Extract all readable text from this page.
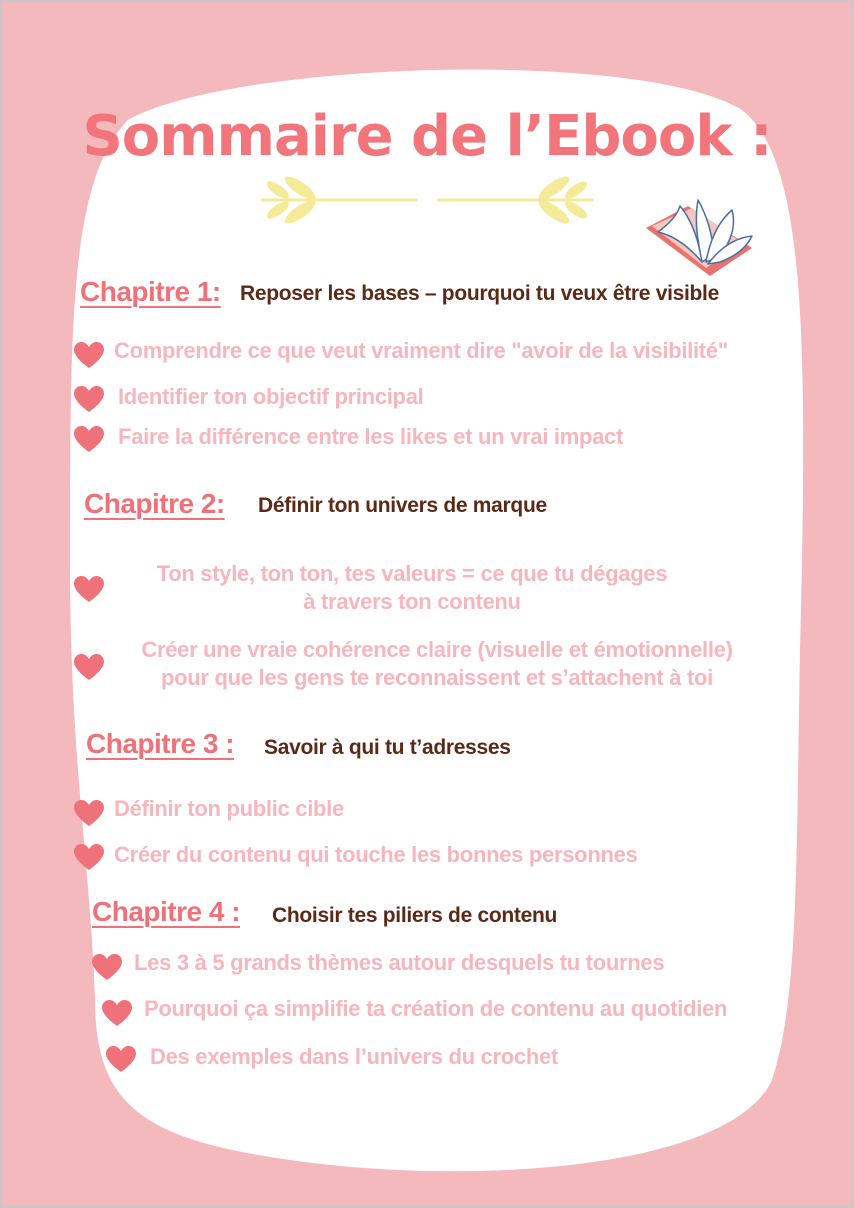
Sommaire de l’Ebook :
Chapitre 1: Reposer les bases – pourquoi tu veux être visible
Comprendre ce que veut vraiment dire "avoir de la visibilité"
Identifier ton objectif principal
Faire la différence entre les likes et un vrai impact
Chapitre 2: Définir ton univers de marque
Ton style, ton ton, tes valeurs = ce que tu dégages
à travers ton contenu
Créer une vraie cohérence claire (visuelle et émotionnelle)
pour que les gens te reconnaissent et s’attachent à toi
Chapitre 3 : Savoir à qui tu t’adresses
Définir ton public cible
Créer du contenu qui touche les bonnes personnes
Chapitre 4 : Choisir tes piliers de contenu
Les 3 à 5 grands thèmes autour desquels tu tournes
Pourquoi ça simplifie ta création de contenu au quotidien
Des exemples dans l’univers du crochet
